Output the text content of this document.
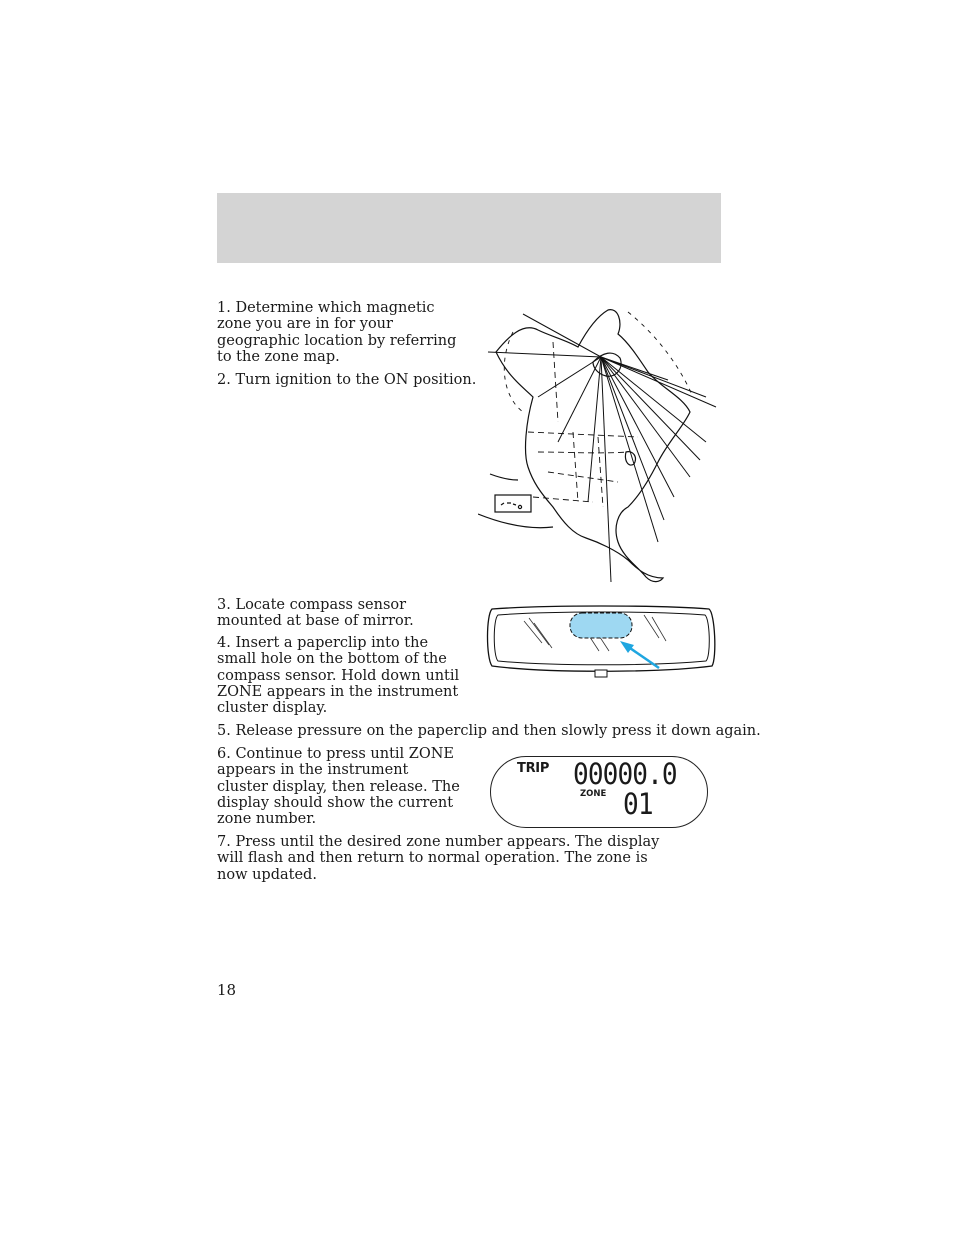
1. Determine which magnetic zone you are in for your geographic location by referring to the zone map.

2. Turn ignition to the ON position.

3. Locate compass sensor mounted at base of mirror.

4. Insert a paperclip into the small hole on the bottom of the compass sensor. Hold down until ZONE appears in the instrument cluster display.

5. Release pressure on the paperclip and then slowly press it down again.

6. Continue to press until ZONE appears in the instrument cluster display, then release. The display should show the current zone number.

TRIP 00000.0
ZONE 01

7. Press until the desired zone number appears. The display will flash and then return to normal operation. The zone is now updated.

18
